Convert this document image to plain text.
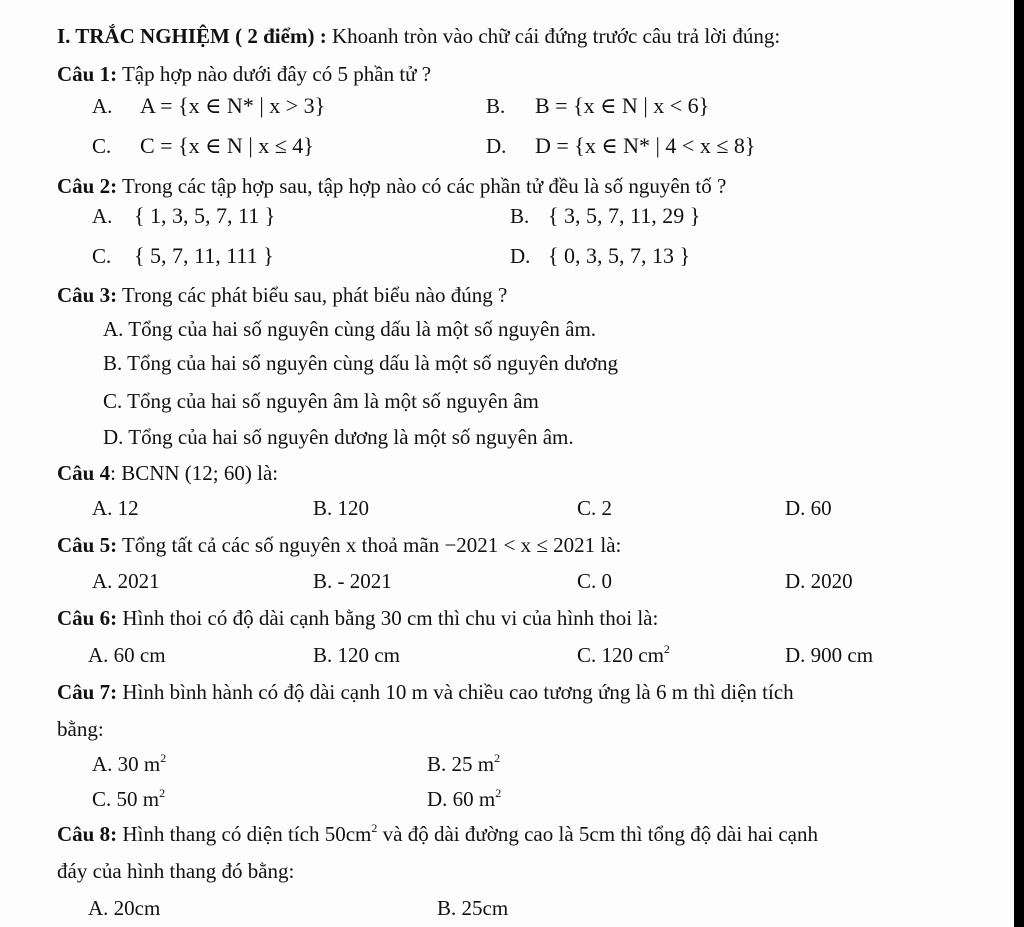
I. TRẮC NGHIỆM ( 2 điểm) : Khoanh tròn vào chữ cái đứng trước câu trả lời đúng:
Câu 1: Tập hợp nào dưới đây có 5 phần tử ?
A. A = {x ∈ N* | x > 3}	B. B = {x ∈ N | x < 6}
C. C = {x ∈ N | x ≤ 4}	D. D = {x ∈ N* | 4 < x ≤ 8}
Câu 2: Trong các tập hợp sau, tập hợp nào có các phần tử đều là số nguyên tố ?
A. { 1, 3, 5, 7, 11 }	B. { 3, 5, 7, 11, 29 }
C. { 5, 7, 11, 111 }	D. { 0, 3, 5, 7, 13 }
Câu 3: Trong các phát biểu sau, phát biểu nào đúng ?
A. Tổng của hai số nguyên cùng dấu là một số nguyên âm.
B. Tổng của hai số nguyên cùng dấu là một số nguyên dương
C. Tổng của hai số nguyên âm là một số nguyên âm
D. Tổng của hai số nguyên dương là một số nguyên âm.
Câu 4: BCNN (12; 60) là:
A. 12	B. 120	C. 2	D. 60
Câu 5: Tổng tất cả các số nguyên x thoả mãn −2021 < x ≤ 2021 là:
A. 2021	B. - 2021	C. 0	D. 2020
Câu 6: Hình thoi có độ dài cạnh bằng 30 cm thì chu vi của hình thoi là:
A. 60 cm	B. 120 cm	C. 120 $cm^2$	D. 900 cm
Câu 7: Hình bình hành có độ dài cạnh 10 m và chiều cao tương ứng là 6 m thì diện tích
bằng:
A. 30 $m^2$	B. 25 $m^2$
C. 50 $m^2$	D. 60 $m^2$
Câu 8: Hình thang có diện tích $50cm^2$ và độ dài đường cao là 5cm thì tổng độ dài hai cạnh
đáy của hình thang đó bằng:
A. 20cm	B. 25cm
